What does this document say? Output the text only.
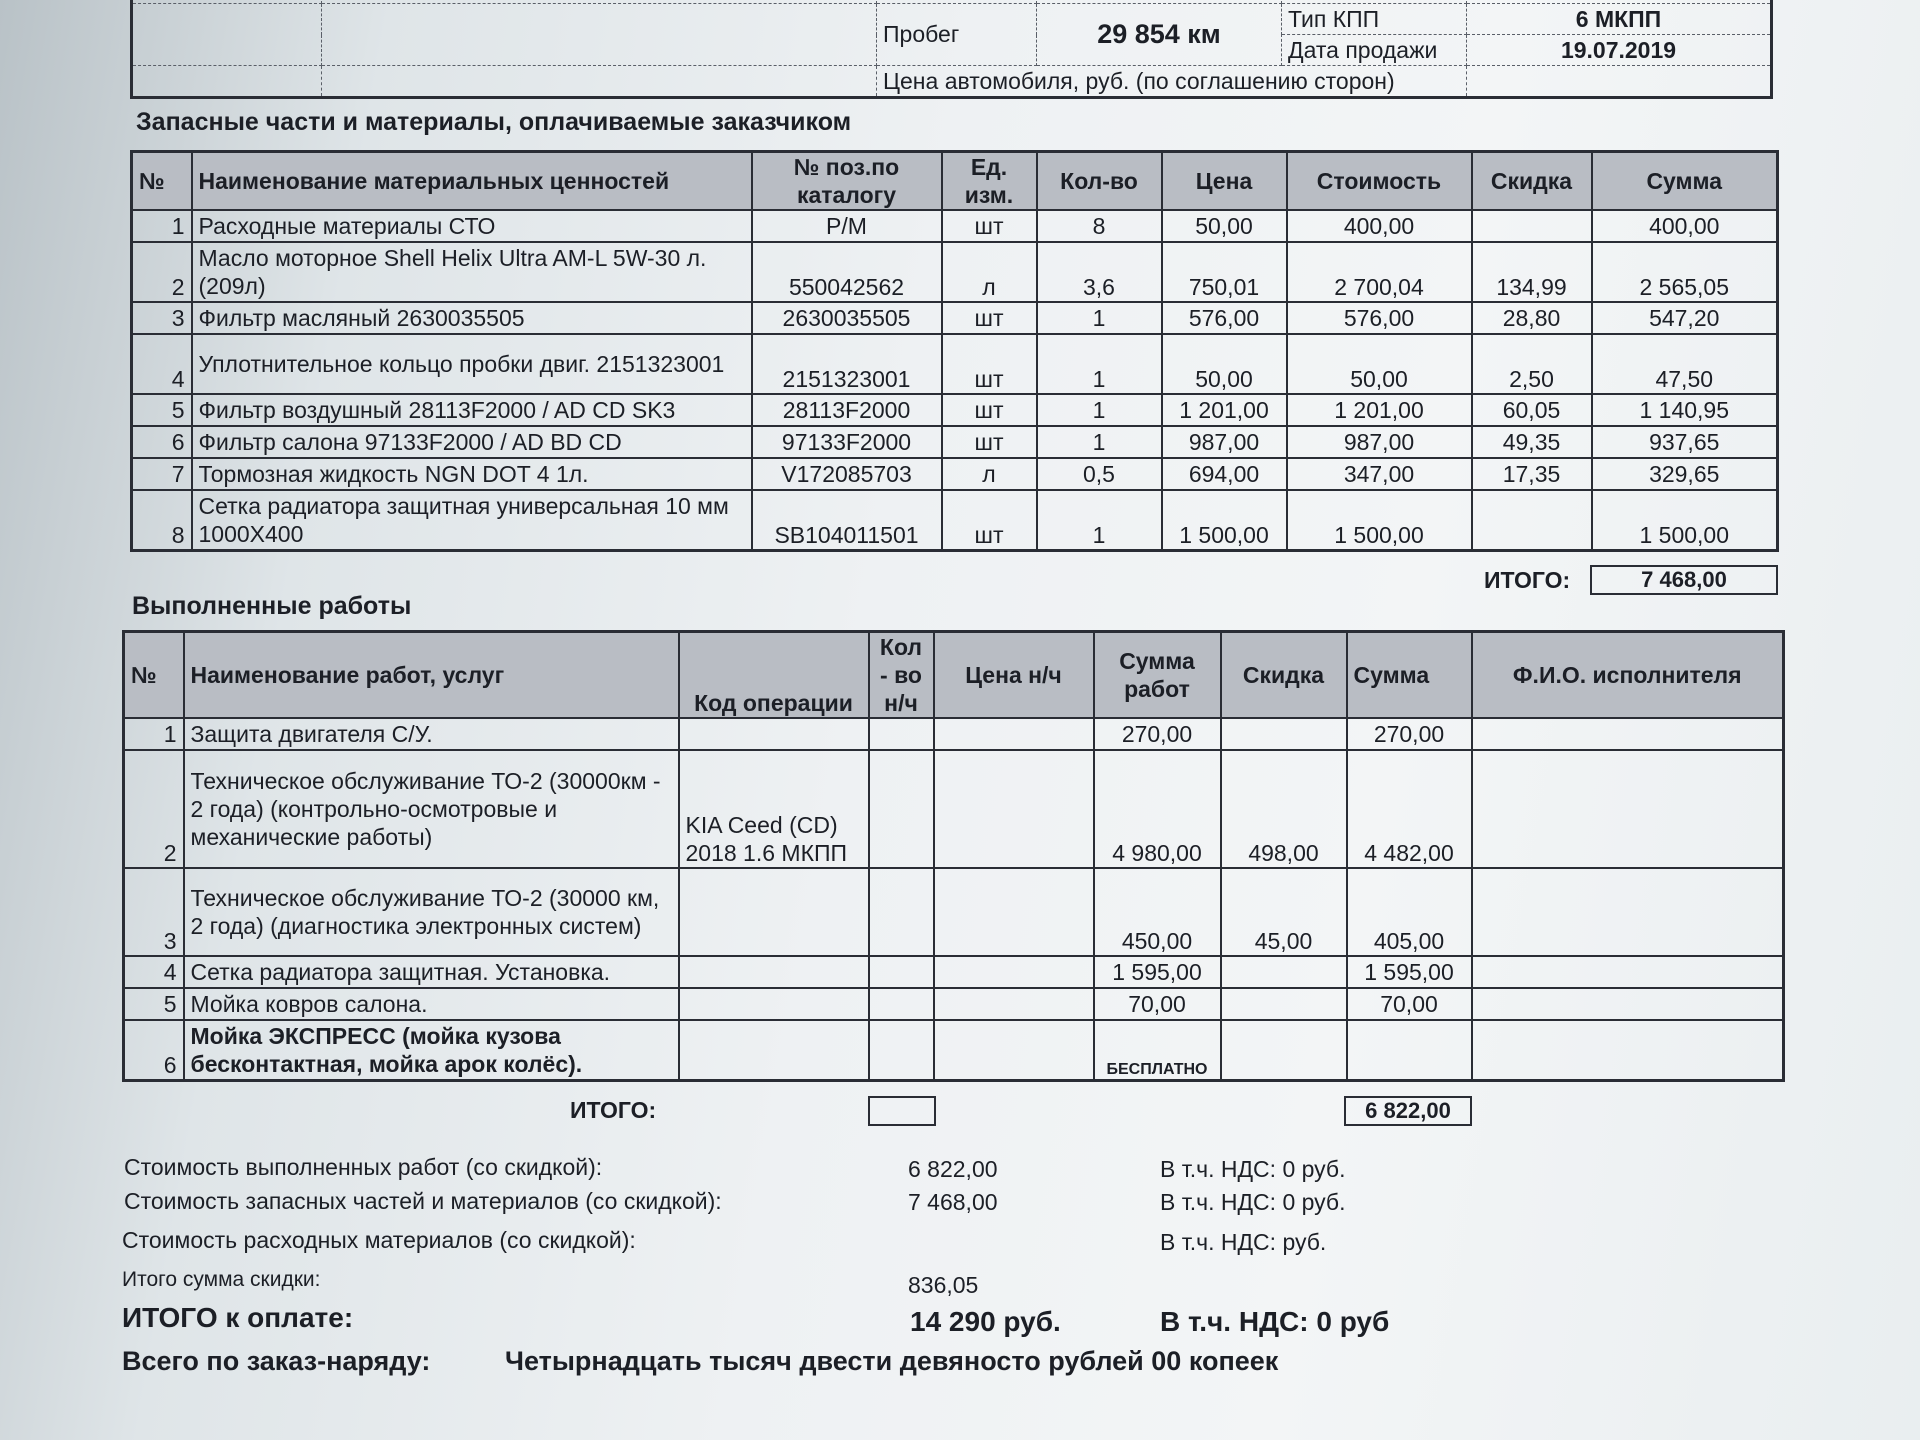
		Пробег	29 854 км	Тип КПП	6 МКПП
				Дата продажи	19.07.2019
		Цена автомобиля, руб. (по соглашению сторон)			
Запасные части и материалы, оплачиваемые заказчиком
№	Наименование материальных ценностей	№ поз.по каталогу	Ед. изм.	Кол-во	Цена	Стоимость	Скидка	Сумма
1	Расходные материалы СТО	Р/М	шт	8	50,00	400,00		400,00
2	Масло моторное Shell Helix Ultra AM-L 5W-30 л.(209л)	550042562	л	3,6	750,01	2 700,04	134,99	2 565,05
3	Фильтр масляный 2630035505	2630035505	шт	1	576,00	576,00	28,80	547,20
4	Уплотнительное кольцо пробки двиг. 2151323001	2151323001	шт	1	50,00	50,00	2,50	47,50
5	Фильтр воздушный 28113F2000 / AD CD SK3	28113F2000	шт	1	1 201,00	1 201,00	60,05	1 140,95
6	Фильтр салона 97133F2000 / AD BD CD	97133F2000	шт	1	987,00	987,00	49,35	937,65
7	Тормозная жидкость NGN DOT 4 1л.	V172085703	л	0,5	694,00	347,00	17,35	329,65
8	Сетка радиатора защитная универсальная 10 мм 1000Х400	SB104011501	шт	1	1 500,00	1 500,00		1 500,00
ИТОГО:	7 468,00
Выполненные работы
№	Наименование работ, услуг	Код операции	Кол - во н/ч	Цена н/ч	Сумма работ	Скидка	Сумма	Ф.И.О. исполнителя
1	Защита двигателя С/У.				270,00		270,00	
2	Техническое обслуживание ТО-2 (30000км - 2 года) (контрольно-осмотровые и механические работы)	KIA Ceed (CD) 2018 1.6 МКПП			4 980,00	498,00	4 482,00	
3	Техническое обслуживание ТО-2 (30000 км, 2 года) (диагностика электронных систем)				450,00	45,00	405,00	
4	Сетка радиатора защитная. Установка.				1 595,00		1 595,00	
5	Мойка ковров салона.				70,00		70,00	
6	Мойка ЭКСПРЕСС (мойка кузова бесконтактная, мойка арок колёс).				БЕСПЛАТНО			
ИТОГО:	6 822,00
Стоимость выполненных работ (со скидкой):	6 822,00	В т.ч. НДС: 0 руб.
Стоимость запасных частей и материалов (со скидкой):	7 468,00	В т.ч. НДС: 0 руб.
Стоимость расходных материалов (со скидкой):	В т.ч. НДС: руб.
Итого сумма скидки:	836,05
ИТОГО к оплате:	14 290 руб.	В т.ч. НДС: 0 руб
Всего по заказ-наряду:	Четырнадцать тысяч двести девяносто рублей 00 копеек
